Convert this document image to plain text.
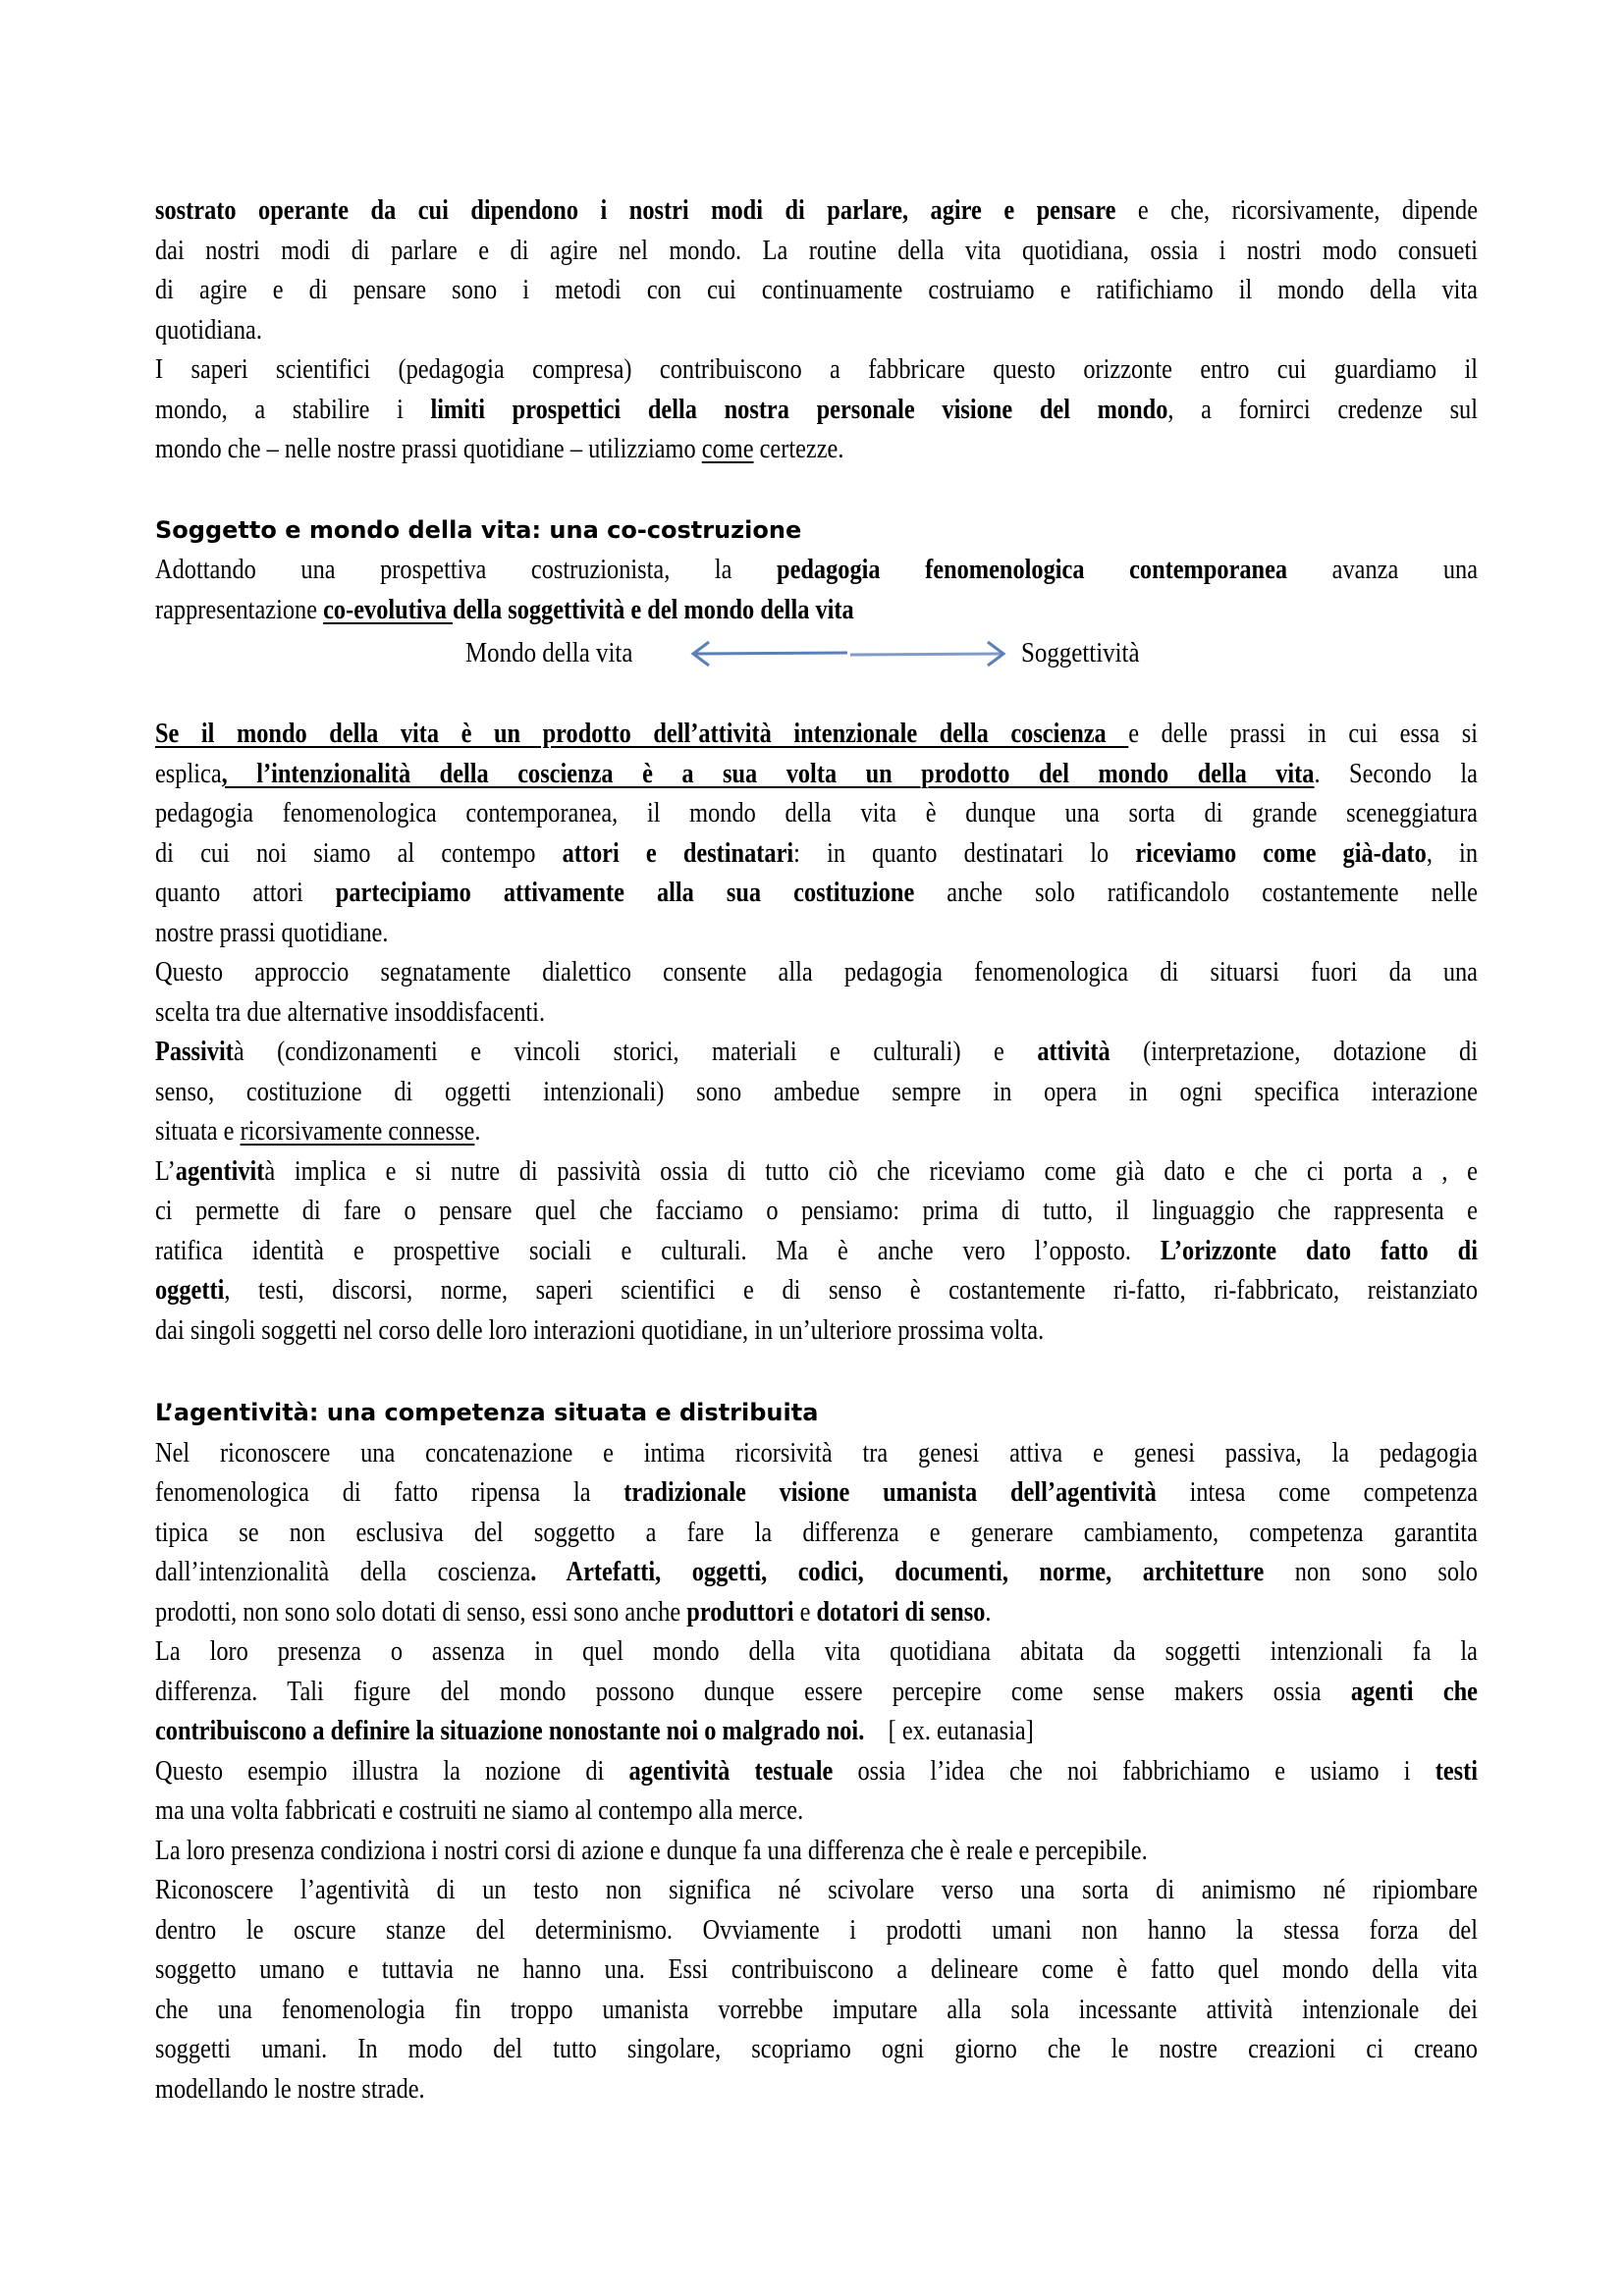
sostrato operante da cui dipendono i nostri modi di parlare, agire e pensare e che, ricorsivamente, dipende
dai nostri modi di parlare e di agire nel mondo. La routine della vita quotidiana, ossia i nostri modo consueti
di agire e di pensare sono i metodi con cui continuamente costruiamo e ratifichiamo il mondo della vita
quotidiana.
I saperi scientifici (pedagogia compresa) contribuiscono a fabbricare questo orizzonte entro cui guardiamo il
mondo, a stabilire i limiti prospettici della nostra personale visione del mondo, a fornirci credenze sul
mondo che – nelle nostre prassi quotidiane – utilizziamo come certezze.
Soggetto e mondo della vita: una co-costruzione
Adottando una prospettiva costruzionista, la pedagogia fenomenologica contemporanea avanza una
rappresentazione co-evolutiva della soggettività e del mondo della vita
Mondo della vita	Soggettività
Se il mondo della vita è un prodotto dell’attività intenzionale della coscienza e delle prassi in cui essa si
esplica, l’intenzionalità della coscienza è a sua volta un prodotto del mondo della vita. Secondo la
pedagogia fenomenologica contemporanea, il mondo della vita è dunque una sorta di grande sceneggiatura
di cui noi siamo al contempo attori e destinatari: in quanto destinatari lo riceviamo come già-dato, in
quanto attori partecipiamo attivamente alla sua costituzione anche solo ratificandolo costantemente nelle
nostre prassi quotidiane.
Questo approccio segnatamente dialettico consente alla pedagogia fenomenologica di situarsi fuori da una
scelta tra due alternative insoddisfacenti.
Passività (condizonamenti e vincoli storici, materiali e culturali) e attività (interpretazione, dotazione di
senso, costituzione di oggetti intenzionali) sono ambedue sempre in opera in ogni specifica interazione
situata e ricorsivamente connesse.
L’agentività implica e si nutre di passività ossia di tutto ciò che riceviamo come già dato e che ci porta a , e
ci permette di fare o pensare quel che facciamo o pensiamo: prima di tutto, il linguaggio che rappresenta e
ratifica identità e prospettive sociali e culturali. Ma è anche vero l’opposto. L’orizzonte dato fatto di
oggetti, testi, discorsi, norme, saperi scientifici e di senso è costantemente ri-fatto, ri-fabbricato, reistanziato
dai singoli soggetti nel corso delle loro interazioni quotidiane, in un’ulteriore prossima volta.
L’agentività: una competenza situata e distribuita
Nel riconoscere una concatenazione e intima ricorsività tra genesi attiva e genesi passiva, la pedagogia
fenomenologica di fatto ripensa la tradizionale visione umanista dell’agentività intesa come competenza
tipica se non esclusiva del soggetto a fare la differenza e generare cambiamento, competenza garantita
dall’intenzionalità della coscienza. Artefatti, oggetti, codici, documenti, norme, architetture non sono solo
prodotti, non sono solo dotati di senso, essi sono anche produttori e dotatori di senso.
La loro presenza o assenza in quel mondo della vita quotidiana abitata da soggetti intenzionali fa la
differenza. Tali figure del mondo possono dunque essere percepire come sense makers ossia agenti che
contribuiscono a definire la situazione nonostante noi o malgrado noi.    [ ex. eutanasia]
Questo esempio illustra la nozione di agentività testuale ossia l’idea che noi fabbrichiamo e usiamo i testi
ma una volta fabbricati e costruiti ne siamo al contempo alla merce.
La loro presenza condiziona i nostri corsi di azione e dunque fa una differenza che è reale e percepibile.
Riconoscere l’agentività di un testo non significa né scivolare verso una sorta di animismo né ripiombare
dentro le oscure stanze del determinismo. Ovviamente i prodotti umani non hanno la stessa forza del
soggetto umano e tuttavia ne hanno una. Essi contribuiscono a delineare come è fatto quel mondo della vita
che una fenomenologia fin troppo umanista vorrebbe imputare alla sola incessante attività intenzionale dei
soggetti umani. In modo del tutto singolare, scopriamo ogni giorno che le nostre creazioni ci creano
modellando le nostre strade.
